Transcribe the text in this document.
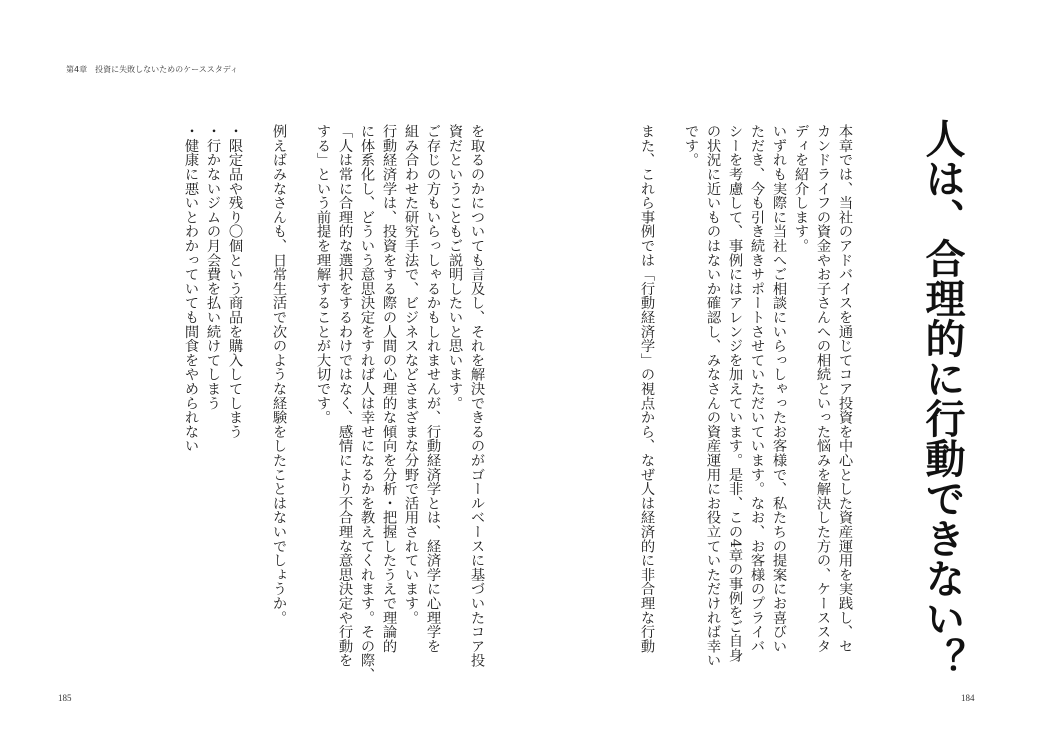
第4章　投資に失敗しないためのケーススタディ
人は、合理的に行動できない？
本章では、当社のアドバイスを通じてコア投資を中心とした資産運用を実践し、セ
カンドライフの資金やお子さんへの相続といった悩みを解決した方の、ケーススタ
ディを紹介します。
いずれも実際に当社へご相談にいらっしゃったお客様で、私たちの提案にお喜びい
ただき、今も引き続きサポートさせていただいています。なお、お客様のプライバ
シーを考慮して、事例にはアレンジを加えています。是非、この4章の事例をご自身
の状況に近いものはないか確認し、みなさんの資産運用にお役立ていただければ幸い
です。
また、これら事例では「行動経済学」の視点から、なぜ人は経済的に非合理な行動
を取るのかについても言及し、それを解決できるのがゴールベースに基づいたコア投
資だということもご説明したいと思います。
ご存じの方もいらっしゃるかもしれませんが、行動経済学とは、経済学に心理学を
組み合わせた研究手法で、ビジネスなどさまざまな分野で活用されています。
行動経済学は、投資をする際の人間の心理的な傾向を分析・把握したうえで理論的
に体系化し、どういう意思決定をすれば人は幸せになるかを教えてくれます。その際、
「人は常に合理的な選択をするわけではなく、感情により不合理な意思決定や行動を
する」という前提を理解することが大切です。
例えばみなさんも、日常生活で次のような経験をしたことはないでしょうか。
・限定品や残り〇個という商品を購入してしまう
・行かないジムの月会費を払い続けてしまう
・健康に悪いとわかっていても間食をやめられない
185	184
